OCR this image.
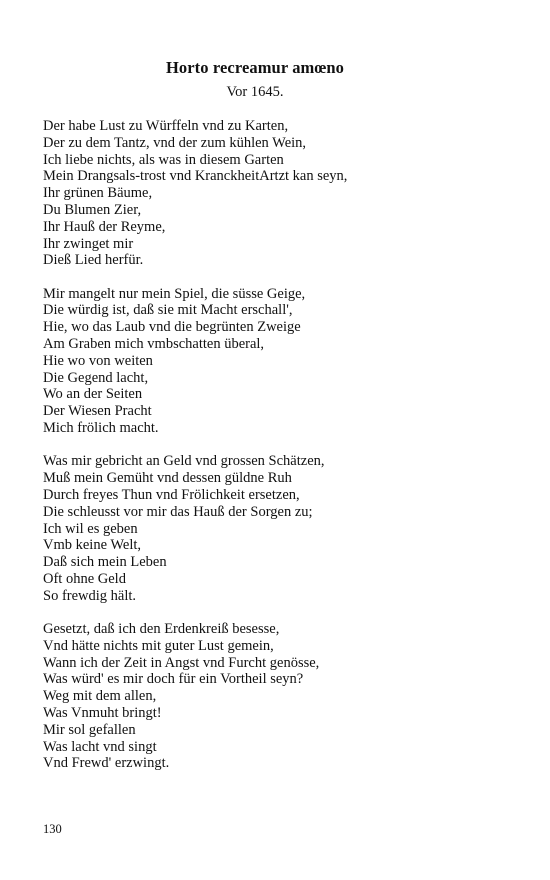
Horto recreamur amœno
Vor 1645.
Der habe Lust zu Würffeln vnd zu Karten,
Der zu dem Tantz, vnd der zum kühlen Wein,
Ich liebe nichts, als was in diesem Garten
Mein Drangsals-trost vnd KranckheitArtzt kan seyn,
Ihr grünen Bäume,
Du Blumen Zier,
Ihr Hauß der Reyme,
Ihr zwinget mir
Dieß Lied herfür.
Mir mangelt nur mein Spiel, die süsse Geige,
Die würdig ist, daß sie mit Macht erschall',
Hie, wo das Laub vnd die begrünten Zweige
Am Graben mich vmbschatten überal,
Hie wo von weiten
Die Gegend lacht,
Wo an der Seiten
Der Wiesen Pracht
Mich frölich macht.
Was mir gebricht an Geld vnd grossen Schätzen,
Muß mein Gemüht vnd dessen güldne Ruh
Durch freyes Thun vnd Frölichkeit ersetzen,
Die schleusst vor mir das Hauß der Sorgen zu;
Ich wil es geben
Vmb keine Welt,
Daß sich mein Leben
Oft ohne Geld
So frewdig hält.
Gesetzt, daß ich den Erdenkreiß besesse,
Vnd hätte nichts mit guter Lust gemein,
Wann ich der Zeit in Angst vnd Furcht genösse,
Was würd' es mir doch für ein Vortheil seyn?
Weg mit dem allen,
Was Vnmuht bringt!
Mir sol gefallen
Was lacht vnd singt
Vnd Frewd' erzwingt.
130
